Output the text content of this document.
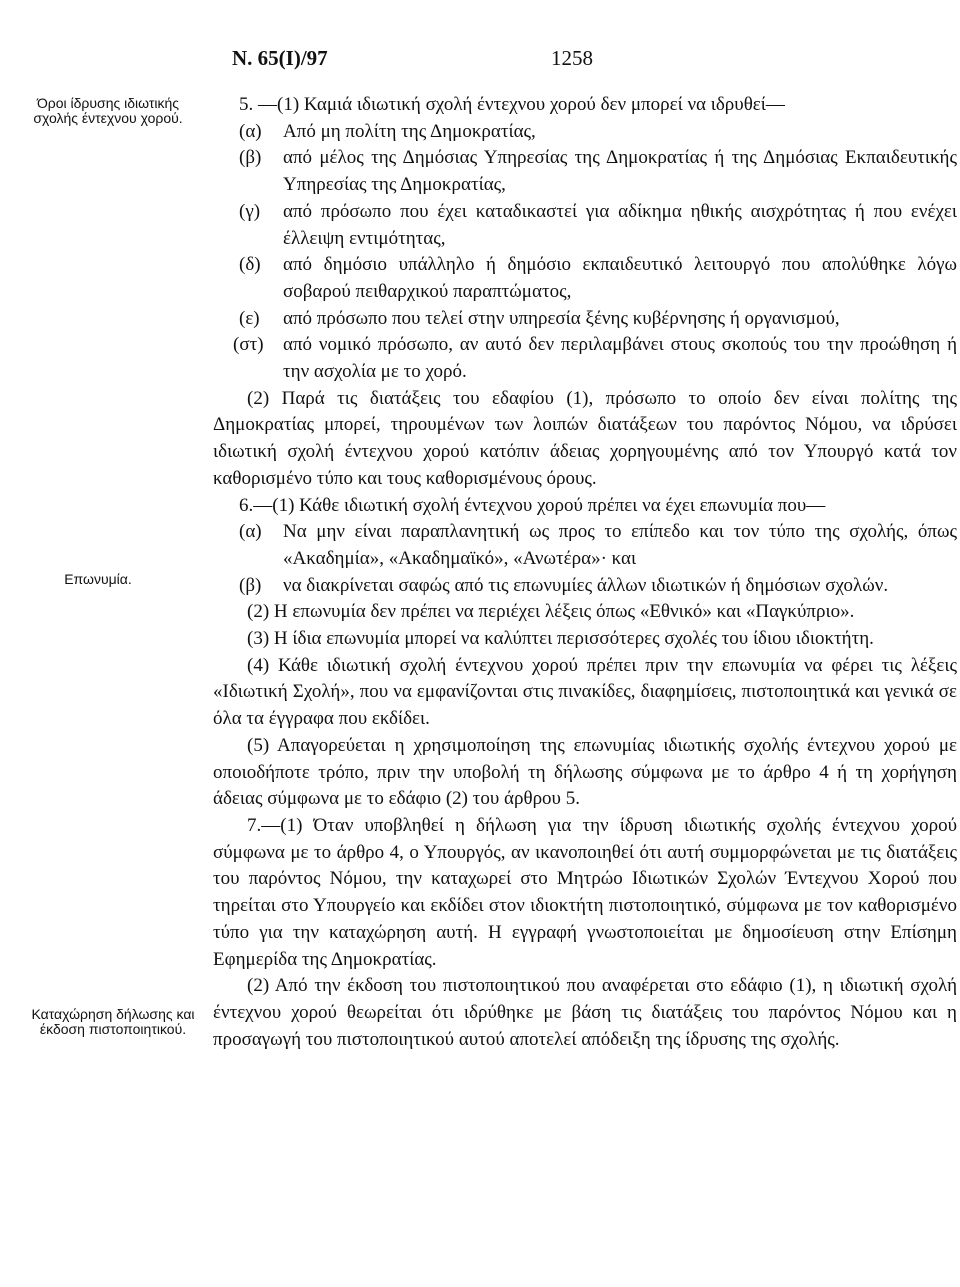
N. 65(I)/97	1258
Όροι ίδρυσης ιδιωτικής σχολής έντεχνου χορού.
Επωνυμία.
Καταχώρηση δήλωσης και έκδοση πιστοποιητικού.

5. —(1) Καμιά ιδιωτική σχολή έντεχνου χορού δεν μπορεί να ιδρυθεί—

(α)	Από μη πολίτη της Δημοκρατίας,
(β)	από μέλος της Δημόσιας Υπηρεσίας της Δημοκρατίας ή της Δημόσιας Εκπαιδευτικής Υπηρεσίας της Δημοκρατίας,
(γ)	από πρόσωπο που έχει καταδικαστεί για αδίκημα ηθικής αισχρότητας ή που ενέχει έλλειψη εντιμότητας,
(δ)	από δημόσιο υπάλληλο ή δημόσιο εκπαιδευτικό λειτουργό που απολύθηκε λόγω σοβαρού πειθαρχικού παραπτώματος,
(ε)	από πρόσωπο που τελεί στην υπηρεσία ξένης κυβέρνησης ή οργανισμού,
(στ)	από νομικό πρόσωπο, αν αυτό δεν περιλαμβάνει στους σκοπούς του την προώθηση ή την ασχολία με το χορό.

(2) Παρά τις διατάξεις του εδαφίου (1), πρόσωπο το οποίο δεν είναι πολίτης της Δημοκρατίας μπορεί, τηρουμένων των λοιπών διατάξεων του παρόντος Νόμου, να ιδρύσει ιδιωτική σχολή έντεχνου χορού κατόπιν άδειας χορηγουμένης από τον Υπουργό κατά τον καθορισμένο τύπο και τους καθορισμένους όρους.

6.—(1) Κάθε ιδιωτική σχολή έντεχνου χορού πρέπει να έχει επωνυμία που—

(α)	Να μην είναι παραπλανητική ως προς το επίπεδο και τον τύπο της σχολής, όπως «Ακαδημία», «Ακαδημαϊκό», «Ανωτέρα»· και
(β)	να διακρίνεται σαφώς από τις επωνυμίες άλλων ιδιωτικών ή δημόσιων σχολών.

(2) Η επωνυμία δεν πρέπει να περιέχει λέξεις όπως «Εθνικό» και «Παγκύπριο».

(3) Η ίδια επωνυμία μπορεί να καλύπτει περισσότερες σχολές του ίδιου ιδιοκτήτη.

(4) Κάθε ιδιωτική σχολή έντεχνου χορού πρέπει πριν την επωνυμία να φέρει τις λέξεις «Ιδιωτική Σχολή», που να εμφανίζονται στις πινακίδες, διαφημίσεις, πιστοποιητικά και γενικά σε όλα τα έγγραφα που εκδίδει.

(5) Απαγορεύεται η χρησιμοποίηση της επωνυμίας ιδιωτικής σχολής έντεχνου χορού με οποιοδήποτε τρόπο, πριν την υποβολή τη δήλωσης σύμφωνα με το άρθρο 4 ή τη χορήγηση άδειας σύμφωνα με το εδάφιο (2) του άρθρου 5.

7.—(1) Όταν υποβληθεί η δήλωση για την ίδρυση ιδιωτικής σχολής έντεχνου χορού σύμφωνα με το άρθρο 4, ο Υπουργός, αν ικανοποιηθεί ότι αυτή συμμορφώνεται με τις διατάξεις του παρόντος Νόμου, την καταχωρεί στο Μητρώο Ιδιωτικών Σχολών Έντεχνου Χορού που τηρείται στο Υπουργείο και εκδίδει στον ιδιοκτήτη πιστοποιητικό, σύμφωνα με τον καθορισμένο τύπο για την καταχώρηση αυτή. Η εγγραφή γνωστοποιείται με δημοσίευση στην Επίσημη Εφημερίδα της Δημοκρατίας.

(2) Από την έκδοση του πιστοποιητικού που αναφέρεται στο εδάφιο (1), η ιδιωτική σχολή έντεχνου χορού θεωρείται ότι ιδρύθηκε με βάση τις διατάξεις του παρόντος Νόμου και η προσαγωγή του πιστοποιητικού αυτού αποτελεί απόδειξη της ίδρυσης της σχολής.
